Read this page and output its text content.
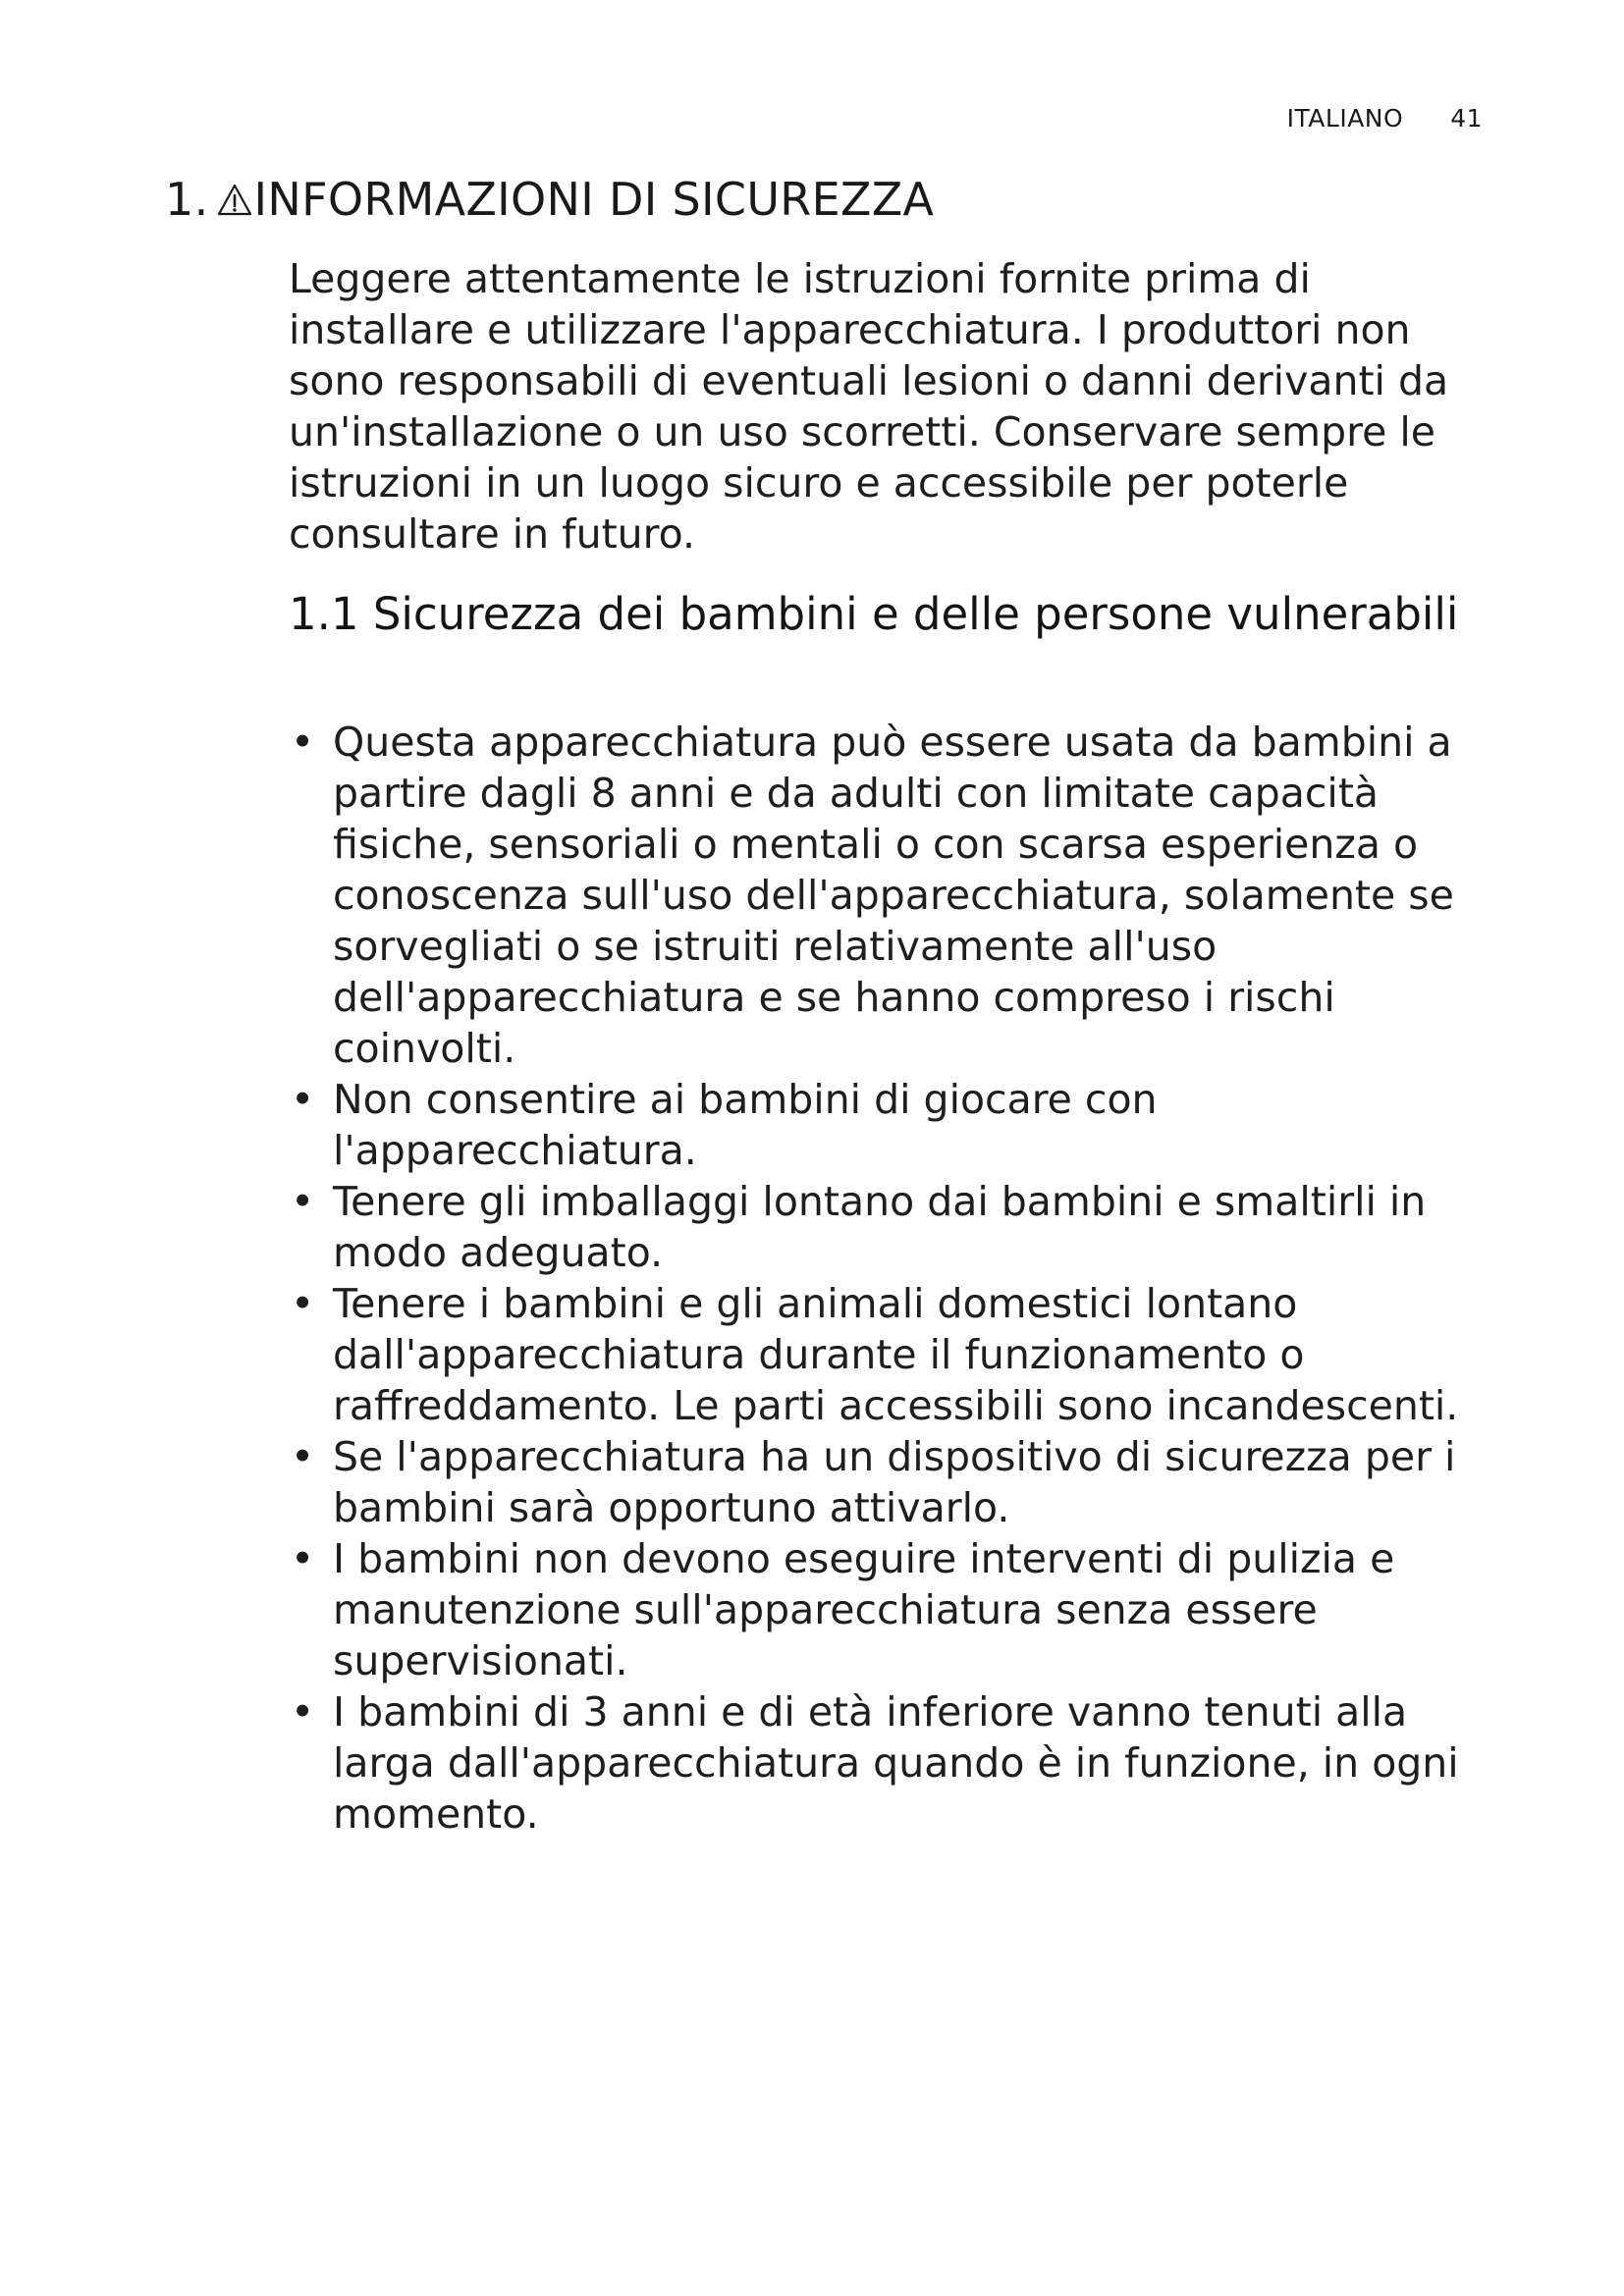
ITALIANO 41
1. INFORMAZIONI DI SICUREZZA

Leggere attentamente le istruzioni fornite prima di installare e utilizzare l'apparecchiatura. I produttori non sono responsabili di eventuali lesioni o danni derivanti da un'installazione o un uso scorretti. Conservare sempre le istruzioni in un luogo sicuro e accessibile per poterle consultare in futuro.

1.1 Sicurezza dei bambini e delle persone vulnerabili
• Questa apparecchiatura può essere usata da bambini a partire dagli 8 anni e da adulti con limitate capacità fisiche, sensoriali o mentali o con scarsa esperienza o conoscenza sull'uso dell'apparecchiatura, solamente se sorvegliati o se istruiti relativamente all'uso dell'apparecchiatura e se hanno compreso i rischi coinvolti.
• Non consentire ai bambini di giocare con l'apparecchiatura.
• Tenere gli imballaggi lontano dai bambini e smaltirli in modo adeguato.
• Tenere i bambini e gli animali domestici lontano dall'apparecchiatura durante il funzionamento o raffreddamento. Le parti accessibili sono incandescenti.
• Se l'apparecchiatura ha un dispositivo di sicurezza per i bambini sarà opportuno attivarlo.
• I bambini non devono eseguire interventi di pulizia e manutenzione sull'apparecchiatura senza essere supervisionati.
• I bambini di 3 anni e di età inferiore vanno tenuti alla larga dall'apparecchiatura quando è in funzione, in ogni momento.
